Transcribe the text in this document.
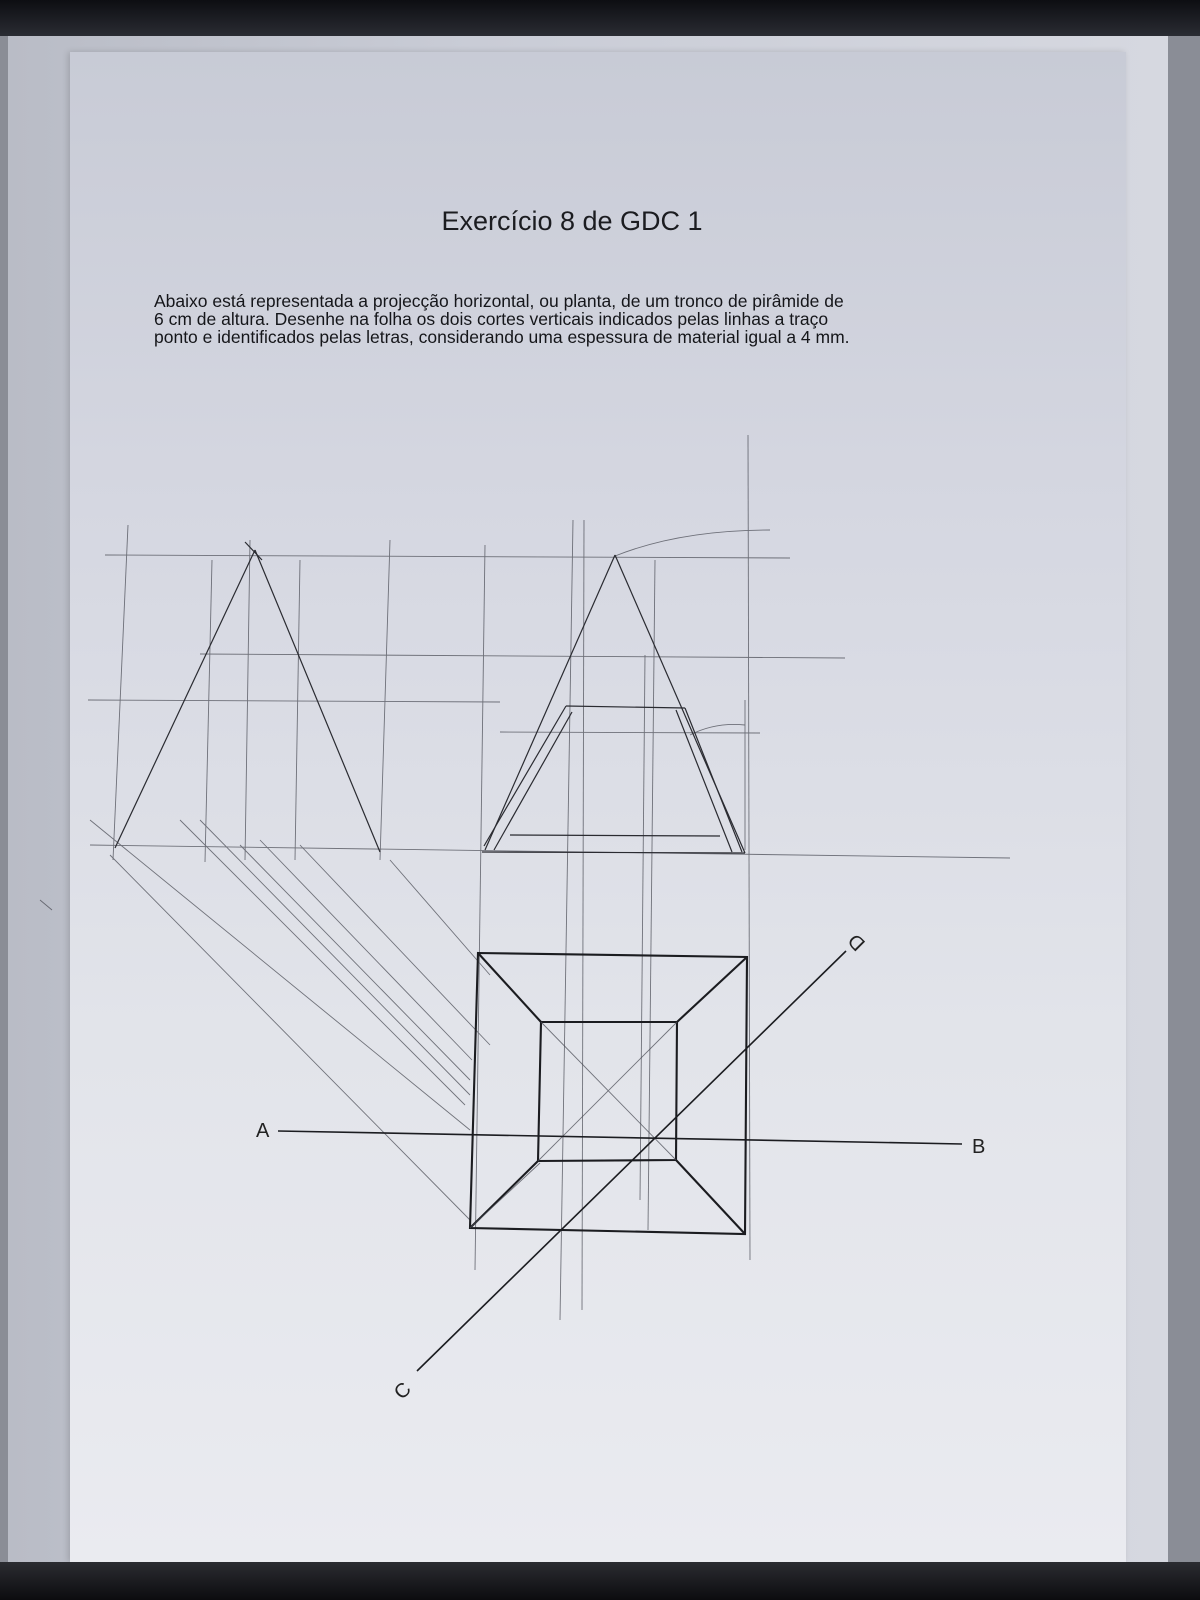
Exercício 8 de GDC 1
Abaixo está representada a projecção horizontal, ou planta, de um tronco de pirâmide de
6 cm de altura. Desenhe na folha os dois cortes verticais indicados pelas linhas a traço
ponto e identificados pelas letras, considerando uma espessura de material igual a 4 mm.
A
B
C
D
